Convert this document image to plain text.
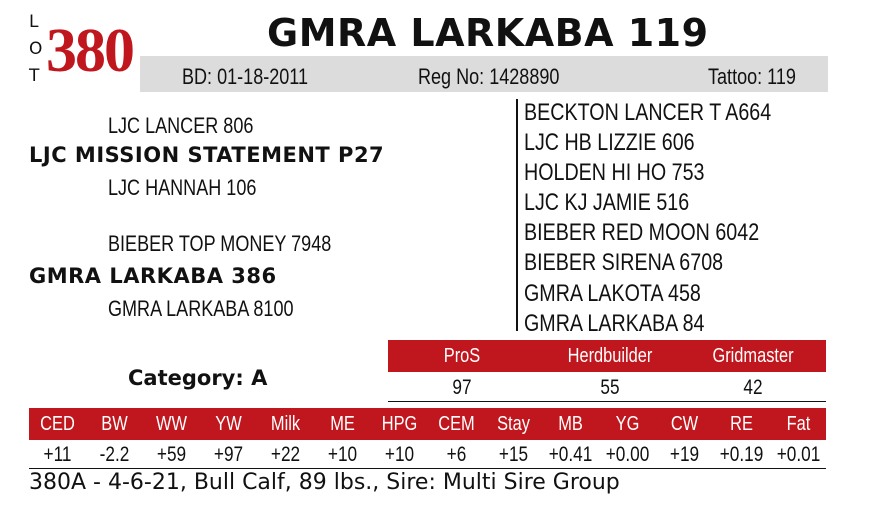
L
O
T 380	GMRA LARKABA 119
BD: 01-18-2011	Reg No: 1428890	Tattoo: 119
LJC LANCER 806
LJC MISSION STATEMENT P27
LJC HANNAH 106
BIEBER TOP MONEY 7948
GMRA LARKABA 386
GMRA LARKABA 8100
BECKTON LANCER T A664
LJC HB LIZZIE 606
HOLDEN HI HO 753
LJC KJ JAMIE 516
BIEBER RED MOON 6042
BIEBER SIRENA 6708
GMRA LAKOTA 458
GMRA LARKABA 84
Category: A
ProS	Herdbuilder	Gridmaster
97	55	42
CED	BW	WW	YW	Milk	ME	HPG CEM	Stay	MB	YG	CW	RE	Fat
+11	-2.2	+59	+97	+22	+10	+10	+6	+15 +0.41 +0.00 +19 +0.19 +0.01
380A - 4-6-21, Bull Calf, 89 lbs., Sire: Multi Sire Group
